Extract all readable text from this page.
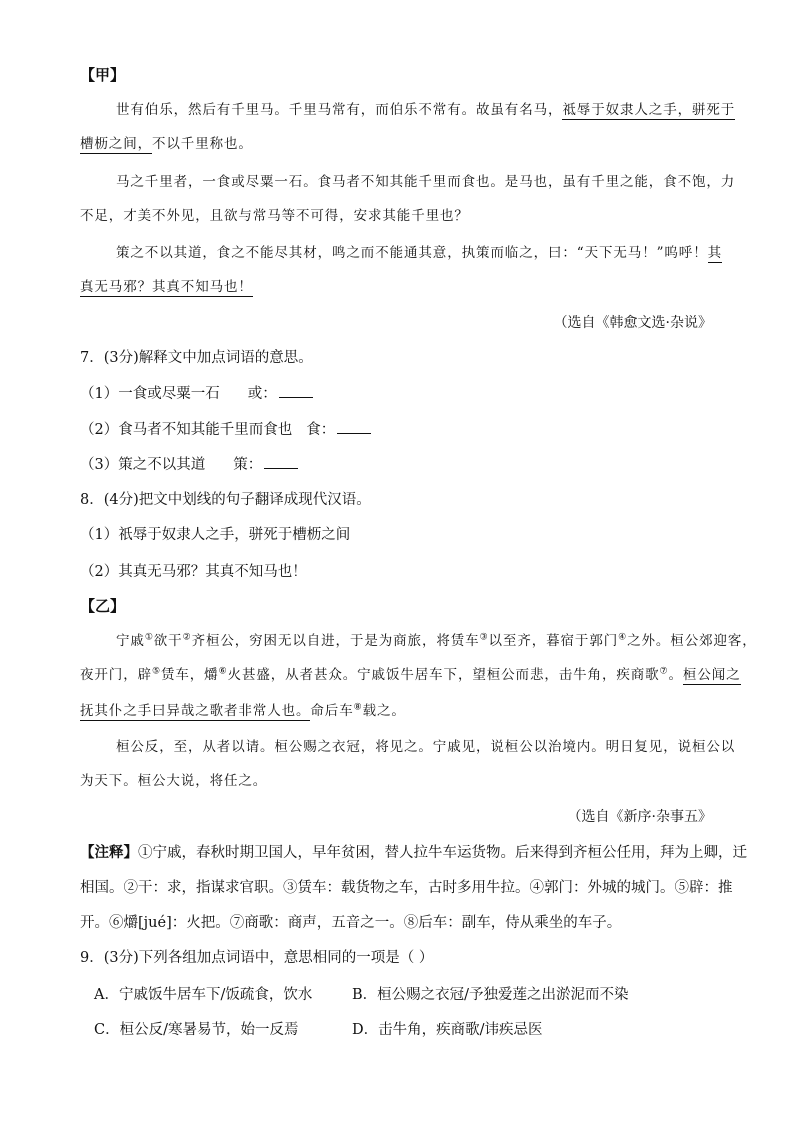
【甲】
世有伯乐，然后有千里马。千里马常有，而伯乐不常有。故虽有名马，祗辱于奴隶人之手，骈死于
槽枥之间，不以千里称也。
马之千里者，一食或尽粟一石。食马者不知其能千里而食也。是马也，虽有千里之能，食不饱，力
不足，才美不外见，且欲与常马等不可得，安求其能千里也？
策之不以其道，食之不能尽其材，鸣之而不能通其意，执策而临之，曰：“天下无马！”呜呼！其
真无马邪？其真不知马也！
（选自《韩愈文选·杂说》
7．(3分)解释文中加点词语的意思。
（1）一食或尽粟一石 或：
（2）食马者不知其能千里而食也 食：
（3）策之不以其道 策：
8．(4分)把文中划线的句子翻译成现代汉语。
（1）祇辱于奴隶人之手，骈死于槽枥之间
（2）其真无马邪？其真不知马也！
【乙】
宁戚①欲干②齐桓公，穷困无以自进，于是为商旅，将赁车③以至齐，暮宿于郭门④之外。桓公郊迎客，
夜开门，辟⑤赁车，爝⑥火甚盛，从者甚众。宁戚饭牛居车下，望桓公而悲，击牛角，疾商歌⑦。桓公闻之
抚其仆之手曰异哉之歌者非常人也。命后车⑧载之。
桓公反，至，从者以请。桓公赐之衣冠，将见之。宁戚见，说桓公以治境内。明日复见，说桓公以
为天下。桓公大说，将任之。
（选自《新序·杂事五》
【注释】①宁戚，春秋时期卫国人，早年贫困，替人拉牛车运货物。后来得到齐桓公任用，拜为上卿，迁
相国。②干：求，指谋求官职。③赁车：载货物之车，古时多用牛拉。④郭门：外城的城门。⑤辟：推
开。⑥爝[jué]：火把。⑦商歌：商声，五音之一。⑧后车：副车，侍从乘坐的车子。
9．(3分)下列各组加点词语中，意思相同的一项是（ ）
A．宁戚饭牛居车下/饭疏食，饮水	B．桓公赐之衣冠/予独爱莲之出淤泥而不染
C．桓公反/寒暑易节，始一反焉	D．击牛角，疾商歌/讳疾忌医
